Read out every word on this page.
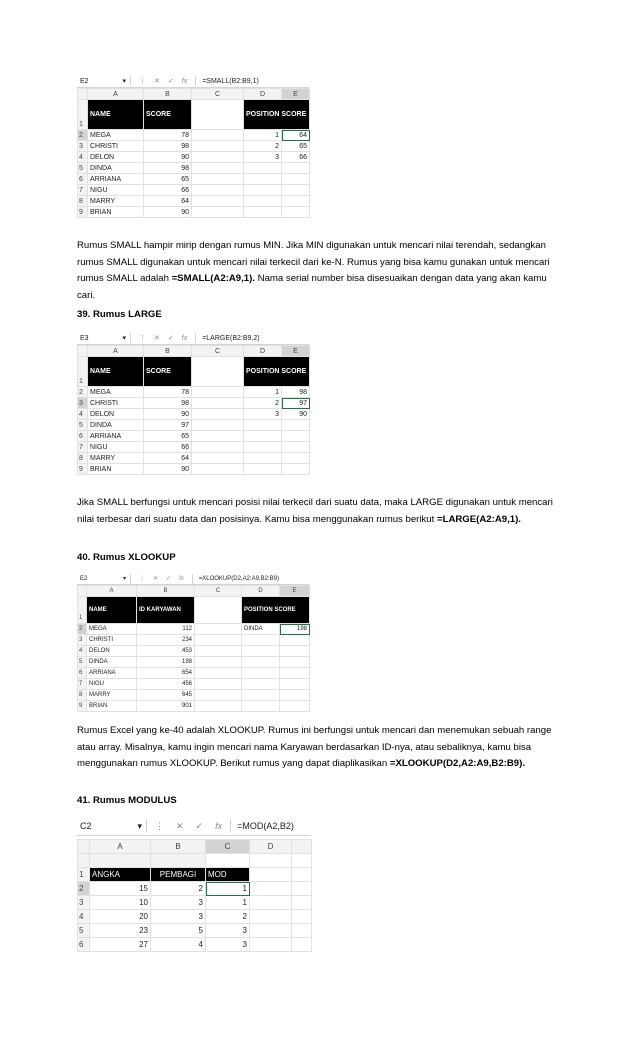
E2	▾ ⋮ ✕ ✓ fx	=SMALL(B2:B9,1)
	A	B	C	D	E
1	NAME	SCORE		POSITION SCORE	
2	MEGA	78		1	64
3	CHRISTI	98		2	65
4	DELON	90		3	66
5	DINDA	98			
6	ARRIANA	65			
7	NIGU	66			
8	MARRY	64			
9	BRIAN	90			
Rumus SMALL hampir mirip dengan rumus MIN. Jika MIN digunakan untuk mencari nilai terendah, sedangkan rumus SMALL digunakan untuk mencari nilai terkecil dari ke-N. Rumus yang bisa kamu gunakan untuk mencari rumus SMALL adalah =SMALL(A2:A9,1). Nama serial number bisa disesuaikan dengan data yang akan kamu cari.
39. Rumus LARGE
E3	▾ ⋮ ✕ ✓ fx	=LARGE(B2:B9,2)
	A	B	C	D	E
1	NAME	SCORE		POSITION SCORE	
2	MEGA	78		1	98
3	CHRISTI	98		2	97
4	DELON	90		3	90
5	DINDA	97			
6	ARRIANA	65			
7	NIGU	66			
8	MARRY	64			
9	BRIAN	90			
Jika SMALL berfungsi untuk mencari posisi nilai terkecil dari suatu data, maka LARGE digunakan untuk mencari nilai terbesar dari suatu data dan posisinya. Kamu bisa menggunakan rumus berikut =LARGE(A2:A9,1).
40. Rumus XLOOKUP
E2	▾ ⋮ ✕ ✓ fx	=XLOOKUP(D2,A2:A9,B2:B9)
	A	B	C	D	E
1	NAME	ID KARYAWAN		POSITION SCORE	
2	MEGA	112		DINDA	198
3	CHRISTI	234			
4	DELON	453			
5	DINDA	198			
6	ARRIANA	654			
7	NIGU	456			
8	MARRY	645			
9	BRIAN	901			
Rumus Excel yang ke-40 adalah XLOOKUP. Rumus ini berfungsi untuk mencari dan menemukan sebuah range atau array. Misalnya, kamu ingin mencari nama Karyawan berdasarkan ID-nya, atau sebaliknya, kamu bisa menggunakan rumus XLOOKUP. Berikut rumus yang dapat diaplikasikan =XLOOKUP(D2,A2:A9,B2:B9).
41. Rumus MODULUS
C2	▾ ⋮ ✕ ✓ fx	=MOD(A2,B2)
	A	B	C	D	

1	ANGKA	PEMBAGI	MOD		
2	15	2	1		
3	10	3	1		
4	20	3	2		
5	23	5	3		
6	27	4	3		
